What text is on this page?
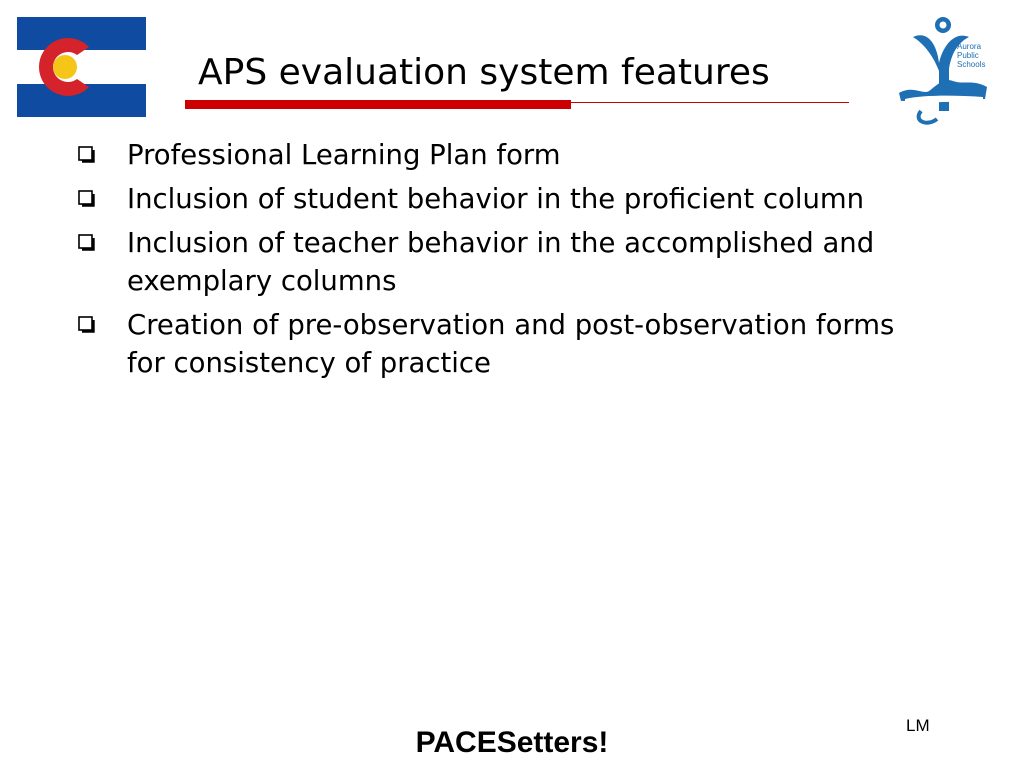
APS evaluation system features
Aurora
Public
Schools
Professional Learning Plan form
Inclusion of student behavior in the proficient column
Inclusion of teacher behavior in the accomplished and exemplary columns
Creation of pre-observation and post-observation forms for consistency of practice
LM
PACESetters!
